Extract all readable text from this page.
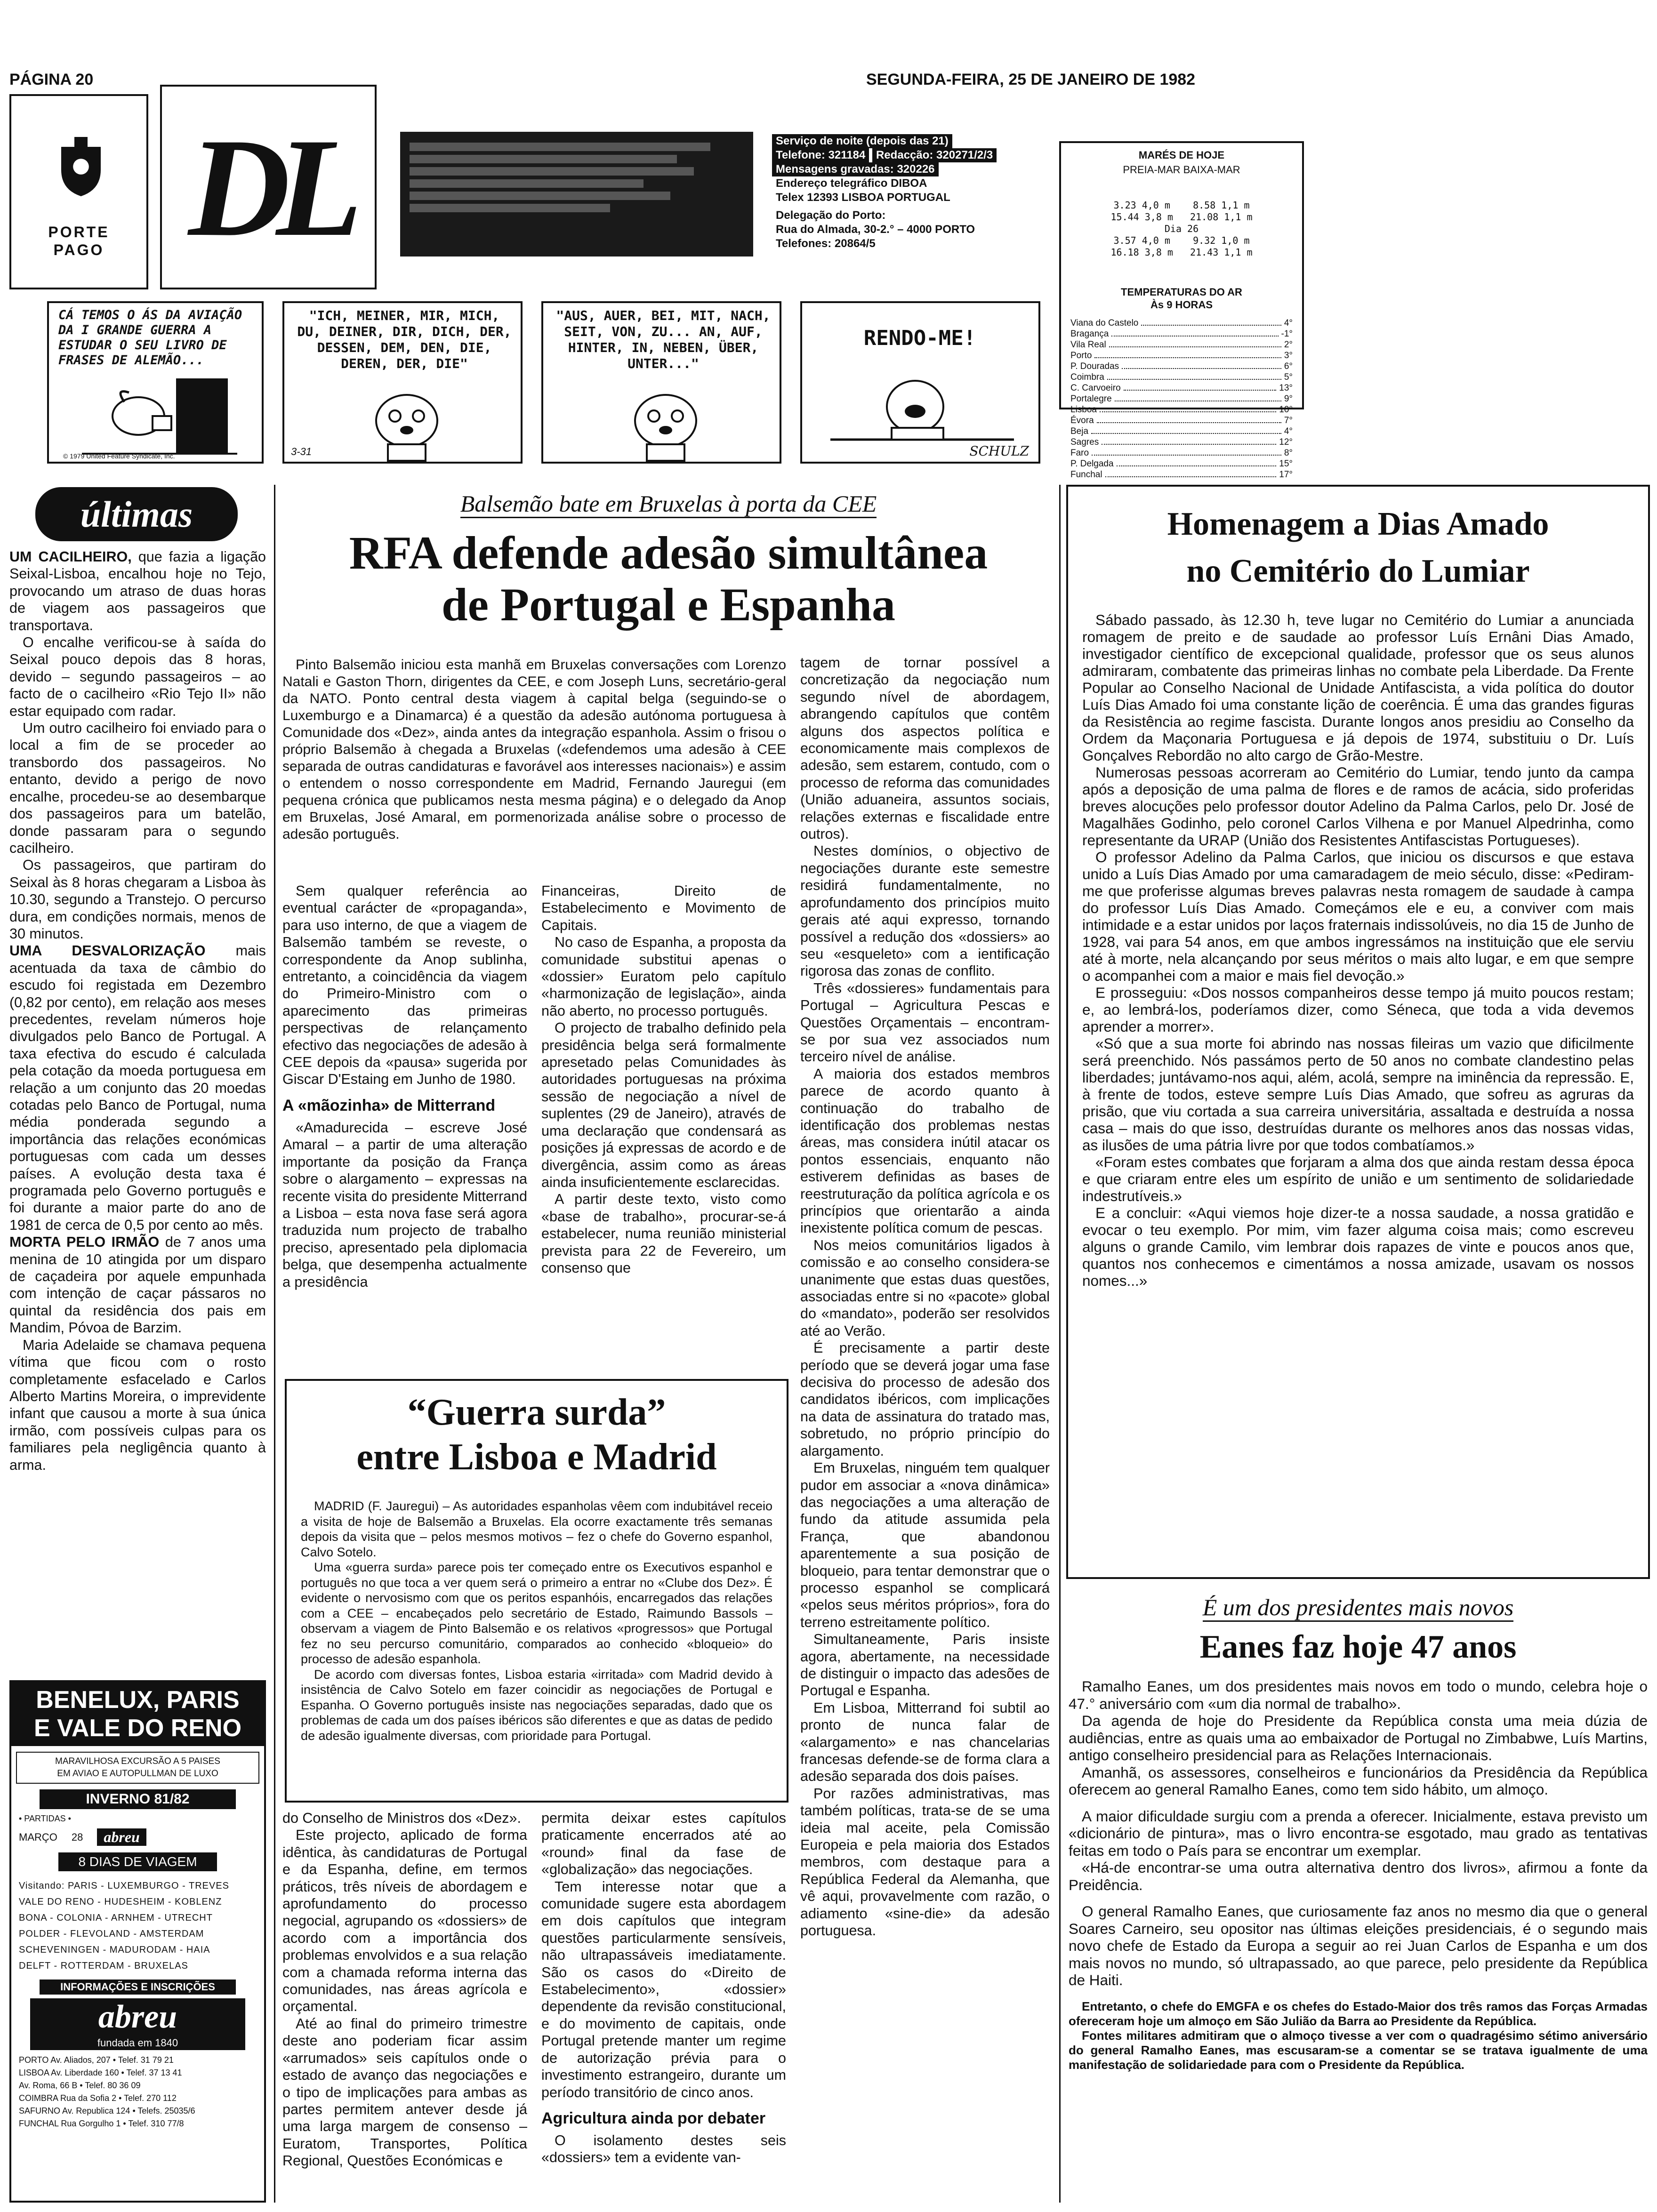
PÁGINA 20	SEGUNDA-FEIRA, 25 DE JANEIRO DE 1982
PORTE
PAGO DL	Serviço de noite (depois das 21) Telefone: 321184 Redacção: 320271/2/3 Mensagens gravadas: 320226
Endereço telegráfico DIBOA
Telex 12393 LISBOA PORTUGAL
Delegação do Porto:
Rua do Almada, 30-2.° – 4000 PORTO
Telefones: 20864/5
MARÉS DE HOJE
PREIA-MAR BAIXA-MAR

3.23 4,0 m    8.58 1,1 m
15.44 3,8 m   21.08 1,1 m
Dia 26
3.57 4,0 m    9.32 1,0 m
16.18 3,8 m   21.43 1,1 m

TEMPERATURAS DO AR
Às 9 HORAS
Viana do Castelo	4°
Bragança	-1°
Vila Real	2°
Porto	3°
P. Douradas	6°
Coimbra	5°
C. Carvoeiro	13°
Portalegre	9°
Lisboa	10°
Évora	7°
Beja	4°
Sagres	12°
Faro	8°
P. Delgada	15°
Funchal	17°
CÁ TEMOS O ÁS DA AVIAÇÃO DA I GRANDE GUERRA A ESTUDAR O SEU LIVRO DE FRASES DE ALEMÃO...
© 1979 United Feature Syndicate, Inc.
"ICH, MEINER, MIR, MICH, DU, DEINER, DIR, DICH, DER, DESSEN, DEM, DEN, DIE, DEREN, DER, DIE"
3-31
"AUS, AUER, BEI, MIT, NACH, SEIT, VON, ZU... AN, AUF, HINTER, IN, NEBEN, ÜBER, UNTER..."
RENDO-ME!
SCHULZ
últimas

UM CACILHEIRO, que fazia a ligação Seixal-Lisboa, encalhou hoje no Tejo, provocando um atraso de duas horas de viagem aos passageiros que transportava.

O encalhe verificou-se à saída do Seixal pouco depois das 8 horas, devido – segundo passageiros – ao facto de o cacilheiro «Rio Tejo II» não estar equipado com radar.

Um outro cacilheiro foi enviado para o local a fim de se proceder ao transbordo dos passageiros. No entanto, devido a perigo de novo encalhe, procedeu-se ao desembarque dos passageiros para um batelão, donde passaram para o segundo cacilheiro.

Os passageiros, que partiram do Seixal às 8 horas chegaram a Lisboa às 10.30, segundo a Transtejo. O percurso dura, em condições normais, menos de 30 minutos.

UMA DESVALORIZAÇÃO mais acentuada da taxa de câmbio do escudo foi registada em Dezembro (0,82 por cento), em relação aos meses precedentes, revelam números hoje divulgados pelo Banco de Portugal. A taxa efectiva do escudo é calculada pela cotação da moeda portuguesa em relação a um conjunto das 20 moedas cotadas pelo Banco de Portugal, numa média ponderada segundo a importância das relações económicas portuguesas com cada um desses países. A evolução desta taxa é programada pelo Governo português e foi durante a maior parte do ano de 1981 de cerca de 0,5 por cento ao mês.

MORTA PELO IRMÃO de 7 anos uma menina de 10 atingida por um disparo de caçadeira por aquele empunhada com intenção de caçar pássaros no quintal da residência dos pais em Mandim, Póvoa de Barzim.

Maria Adelaide se chamava pequena vítima que ficou com o rosto completamente esfacelado e Carlos Alberto Martins Moreira, o imprevidente infant que causou a morte à sua única irmão, com possíveis culpas para os familiares pela negligência quanto à arma.

BENELUX, PARIS
E VALE DO RENO
MARAVILHOSA EXCURSÃO A 5 PAISES
EM AVIAO E AUTOPULLMAN DE LUXO
INVERNO 81/82
• PARTIDAS •
MARÇO 28	abreu
8 DIAS DE VIAGEM
Visitando: PARIS - LUXEMBURGO - TREVES
VALE DO RENO - HUDESHEIM - KOBLENZ
BONA - COLONIA - ARNHEM - UTRECHT
POLDER - FLEVOLAND - AMSTERDAM
SCHEVENINGEN - MADURODAM - HAIA
DELFT - ROTTERDAM - BRUXELAS
INFORMAÇÕES E INSCRIÇÕES
abreu
fundada em 1840
PORTO Av. Aliados, 207 • Telef. 31 79 21
LISBOA Av. Liberdade 160 • Telef. 37 13 41
Av. Roma, 66 B • Telef. 80 36 09
COIMBRA Rua da Sofia 2 • Telef. 270 112
SAFURNO Av. Republica 124 • Telefs. 25035/6
FUNCHAL Rua Gorgulho 1 • Telef. 310 77/8
Balsemão bate em Bruxelas à porta da CEE
RFA defende adesão simultânea
de Portugal e Espanha

Pinto Balsemão iniciou esta manhã em Bruxelas conversações com Lorenzo Natali e Gaston Thorn, dirigentes da CEE, e com Joseph Luns, secretário-geral da NATO. Ponto central desta viagem à capital belga (seguindo-se o Luxemburgo e a Dinamarca) é a questão da adesão autónoma portuguesa à Comunidade dos «Dez», ainda antes da integração espanhola. Assim o frisou o próprio Balsemão à chegada a Bruxelas («defendemos uma adesão à CEE separada de outras candidaturas e favorável aos interesses nacionais») e assim o entendem o nosso correspondente em Madrid, Fernando Jauregui (em pequena crónica que publicamos nesta mesma página) e o delegado da Anop em Bruxelas, José Amaral, em pormenorizada análise sobre o processo de adesão português.

Sem qualquer referência ao eventual carácter de «propaganda», para uso interno, de que a viagem de Balsemão também se reveste, o correspondente da Anop sublinha, entretanto, a coincidência da viagem do Primeiro-Ministro com o aparecimento das primeiras perspectivas de relançamento efectivo das negociações de adesão à CEE depois da «pausa» sugerida por Giscar D'Estaing em Junho de 1980.

A «mãozinha» de Mitterrand

«Amadurecida – escreve José Amaral – a partir de uma alteração importante da posição da França sobre o alargamento – expressas na recente visita do presidente Mitterrand a Lisboa – esta nova fase será agora traduzida num projecto de trabalho preciso, apresentado pela diplomacia belga, que desempenha actualmente a presidência

Financeiras, Direito de Estabelecimento e Movimento de Capitais.

No caso de Espanha, a proposta da comunidade substitui apenas o «dossier» Euratom pelo capítulo «harmonização de legislação», ainda não aberto, no processo português.

O projecto de trabalho definido pela presidência belga será formalmente apresetado pelas Comunidades às autoridades portuguesas na próxima sessão de negociação a nível de suplentes (29 de Janeiro), através de uma declaração que condensará as posições já expressas de acordo e de divergência, assim como as áreas ainda insuficientemente esclarecidas.

A partir deste texto, visto como «base de trabalho», procurar-se-á estabelecer, numa reunião ministerial prevista para 22 de Fevereiro, um consenso que

tagem de tornar possível a concretização da negociação num segundo nível de abordagem, abrangendo capítulos que contêm alguns dos aspectos política e economicamente mais complexos de adesão, sem estarem, contudo, com o processo de reforma das comunidades (União aduaneira, assuntos sociais, relações externas e fiscalidade entre outros).

Nestes domínios, o objectivo de negociações durante este semestre residirá fundamentalmente, no aprofundamento dos princípios muito gerais até aqui expresso, tornando possível a redução dos «dossiers» ao seu «esqueleto» com a ientificação rigorosa das zonas de conflito.

Três «dossieres» fundamentais para Portugal – Agricultura Pescas e Questões Orçamentais – encontram-se por sua vez associados num terceiro nível de análise.

A maioria dos estados membros parece de acordo quanto à continuação do trabalho de identificação dos problemas nestas áreas, mas considera inútil atacar os pontos essenciais, enquanto não estiverem definidas as bases de reestruturação da política agrícola e os princípios que orientarão a ainda inexistente política comum de pescas.

Nos meios comunitários ligados à comissão e ao conselho considera-se unanimente que estas duas questões, associadas entre si no «pacote» global do «mandato», poderão ser resolvidos até ao Verão.

É precisamente a partir deste período que se deverá jogar uma fase decisiva do processo de adesão dos candidatos ibéricos, com implicações na data de assinatura do tratado mas, sobretudo, no próprio princípio do alargamento.

Em Bruxelas, ninguém tem qualquer pudor em associar a «nova dinâmica» das negociações a uma alteração de fundo da atitude assumida pela França, que abandonou aparentemente a sua posição de bloqueio, para tentar demonstrar que o processo espanhol se complicará «pelos seus méritos próprios», fora do terreno estreitamente político.

Simultaneamente, Paris insiste agora, abertamente, na necessidade de distinguir o impacto das adesões de Portugal e Espanha.

Em Lisboa, Mitterrand foi subtil ao pronto de nunca falar de «alargamento» e nas chancelarias francesas defende-se de forma clara a adesão separada dos dois países.

Por razões administrativas, mas também políticas, trata-se de se uma ideia mal aceite, pela Comissão Europeia e pela maioria dos Estados membros, com destaque para a República Federal da Alemanha, que vê aqui, provavelmente com razão, o adiamento «sine-die» da adesão portuguesa.

“Guerra surda”
entre Lisboa e Madrid

MADRID (F. Jauregui) – As autoridades espanholas vêem com indubitável receio a visita de hoje de Balsemão a Bruxelas. Ela ocorre exactamente três semanas depois da visita que – pelos mesmos motivos – fez o chefe do Governo espanhol, Calvo Sotelo.

Uma «guerra surda» parece pois ter começado entre os Executivos espanhol e português no que toca a ver quem será o primeiro a entrar no «Clube dos Dez». É evidente o nervosismo com que os peritos espanhóis, encarregados das relações com a CEE – encabeçados pelo secretário de Estado, Raimundo Bassols – observam a viagem de Pinto Balsemão e os relativos «progressos» que Portugal fez no seu percurso comunitário, comparados ao conhecido «bloqueio» do processo de adesão espanhola.

De acordo com diversas fontes, Lisboa estaria «irritada» com Madrid devido à insistência de Calvo Sotelo em fazer coincidir as negociações de Portugal e Espanha. O Governo português insiste nas negociações separadas, dado que os problemas de cada um dos países ibéricos são diferentes e que as datas de pedido de adesão igualmente diversas, com prioridade para Portugal.

do Conselho de Ministros dos «Dez».

Este projecto, aplicado de forma idêntica, às candidaturas de Portugal e da Espanha, define, em termos práticos, três níveis de abordagem e aprofundamento do processo negocial, agrupando os «dossiers» de acordo com a importância dos problemas envolvidos e a sua relação com a chamada reforma interna das comunidades, nas áreas agrícola e orçamental.

Até ao final do primeiro trimestre deste ano poderiam ficar assim «arrumados» seis capítulos onde o estado de avanço das negociações e o tipo de implicações para ambas as partes permitem antever desde já uma larga margem de consenso – Euratom, Transportes, Política Regional, Questões Económicas e

permita deixar estes capítulos praticamente encerrados até ao «round» final da fase de «globalização» das negociações.

Tem interesse notar que a comunidade sugere esta abordagem em dois capítulos que integram questões particularmente sensíveis, não ultrapassáveis imediatamente. São os casos do «Direito de Estabelecimento», «dossier» dependente da revisão constitucional, e do movimento de capitais, onde Portugal pretende manter um regime de autorização prévia para o investimento estrangeiro, durante um período transitório de cinco anos.

Agricultura ainda por debater

O isolamento destes seis «dossiers» tem a evidente van-

Homenagem a Dias Amado
no Cemitério do Lumiar

Sábado passado, às 12.30 h, teve lugar no Cemitério do Lumiar a anunciada romagem de preito e de saudade ao professor Luís Ernâni Dias Amado, investigador científico de excepcional qualidade, professor que os seus alunos admiraram, combatente das primeiras linhas no combate pela Liberdade. Da Frente Popular ao Conselho Nacional de Unidade Antifascista, a vida política do doutor Luís Dias Amado foi uma constante lição de coerência. É uma das grandes figuras da Resistência ao regime fascista. Durante longos anos presidiu ao Conselho da Ordem da Maçonaria Portuguesa e já depois de 1974, substituiu o Dr. Luís Gonçalves Rebordão no alto cargo de Grão-Mestre.

Numerosas pessoas acorreram ao Cemitério do Lumiar, tendo junto da campa após a deposição de uma palma de flores e de ramos de acácia, sido proferidas breves alocuções pelo professor doutor Adelino da Palma Carlos, pelo Dr. José de Magalhães Godinho, pelo coronel Carlos Vilhena e por Manuel Alpedrinha, como representante da URAP (União dos Resistentes Antifascistas Portugueses).

O professor Adelino da Palma Carlos, que iniciou os discursos e que estava unido a Luís Dias Amado por uma camaradagem de meio século, disse: «Pediram-me que proferisse algumas breves palavras nesta romagem de saudade à campa do professor Luís Dias Amado. Começámos ele e eu, a conviver com mais intimidade e a estar unidos por laços fraternais indissolúveis, no dia 15 de Junho de 1928, vai para 54 anos, em que ambos ingressámos na instituição que ele serviu até à morte, nela alcançando por seus méritos o mais alto lugar, e em que sempre o acompanhei com a maior e mais fiel devoção.»

E prosseguiu: «Dos nossos companheiros desse tempo já muito poucos restam; e, ao lembrá-los, poderíamos dizer, como Séneca, que toda a vida devemos aprender a morrer».

«Só que a sua morte foi abrindo nas nossas fileiras um vazio que dificilmente será preenchido. Nós passámos perto de 50 anos no combate clandestino pelas liberdades; juntávamo-nos aqui, além, acolá, sempre na iminência da repressão. E, à frente de todos, esteve sempre Luís Dias Amado, que sofreu as agruras da prisão, que viu cortada a sua carreira universitária, assaltada e destruída a nossa casa – mais do que isso, destruídas durante os melhores anos das nossas vidas, as ilusões de uma pátria livre por que todos combatíamos.»

«Foram estes combates que forjaram a alma dos que ainda restam dessa época e que criaram entre eles um espírito de união e um sentimento de solidariedade indestrutíveis.»

E a concluir: «Aqui viemos hoje dizer-te a nossa saudade, a nossa gratidão e evocar o teu exemplo. Por mim, vim fazer alguma coisa mais; como escreveu alguns o grande Camilo, vim lembrar dois rapazes de vinte e poucos anos que, quantos nos conhecemos e cimentámos a nossa amizade, usavam os nossos nomes...»

É um dos presidentes mais novos
Eanes faz hoje 47 anos

Ramalho Eanes, um dos presidentes mais novos em todo o mundo, celebra hoje o 47.° aniversário com «um dia normal de trabalho».

Da agenda de hoje do Presidente da República consta uma meia dúzia de audiências, entre as quais uma ao embaixador de Portugal no Zimbabwe, Luís Martins, antigo conselheiro presidencial para as Relações Internacionais.

Amanhã, os assessores, conselheiros e funcionários da Presidência da República oferecem ao general Ramalho Eanes, como tem sido hábito, um almoço.

A maior dificuldade surgiu com a prenda a oferecer. Inicialmente, estava previsto um «dicionário de pintura», mas o livro encontra-se esgotado, mau grado as tentativas feitas em todo o País para se encontrar um exemplar.

«Há-de encontrar-se uma outra alternativa dentro dos livros», afirmou a fonte da Preidência.

O general Ramalho Eanes, que curiosamente faz anos no mesmo dia que o general Soares Carneiro, seu opositor nas últimas eleições presidenciais, é o segundo mais novo chefe de Estado da Europa a seguir ao rei Juan Carlos de Espanha e um dos mais novos no mundo, só ultrapassado, ao que parece, pelo presidente da República de Haiti.

Entretanto, o chefe do EMGFA e os chefes do Estado-Maior dos três ramos das Forças Armadas ofereceram hoje um almoço em São Julião da Barra ao Presidente da República.

Fontes militares admitiram que o almoço tivesse a ver com o quadragésimo sétimo aniversário do general Ramalho Eanes, mas escusaram-se a comentar se se tratava igualmente de uma manifestação de solidariedade para com o Presidente da República.
